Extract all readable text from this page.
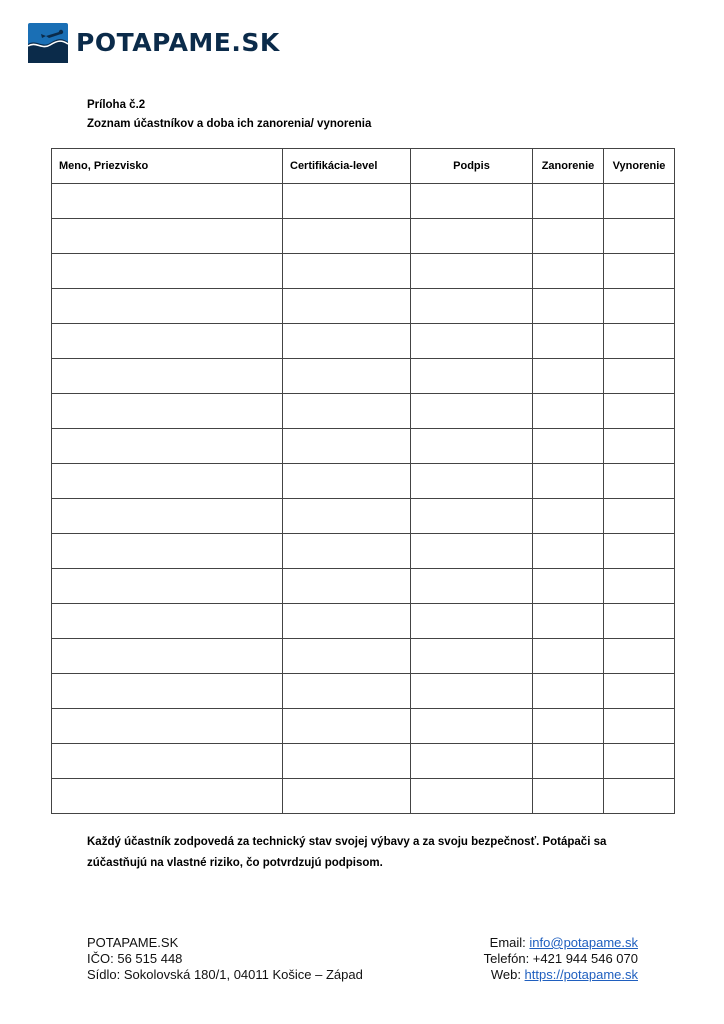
POTAPAME.SK
Príloha č.2
Zoznam účastníkov a doba ich zanorenia/ vynorenia
Meno, Priezvisko	Certifikácia-level	Podpis	Zanorenie	Vynorenie

Každý účastník zodpovedá za technický stav svojej výbavy a za svoju bezpečnosť. Potápači sa
zúčastňujú na vlastné riziko, čo potvrdzujú podpisom.
POTAPAME.SK
IČO: 56 515 448
Sídlo: Sokolovská 180/1, 04011 Košice – Západ
Email: info@potapame.sk
Telefón: +421 944 546 070
Web: https://potapame.sk
